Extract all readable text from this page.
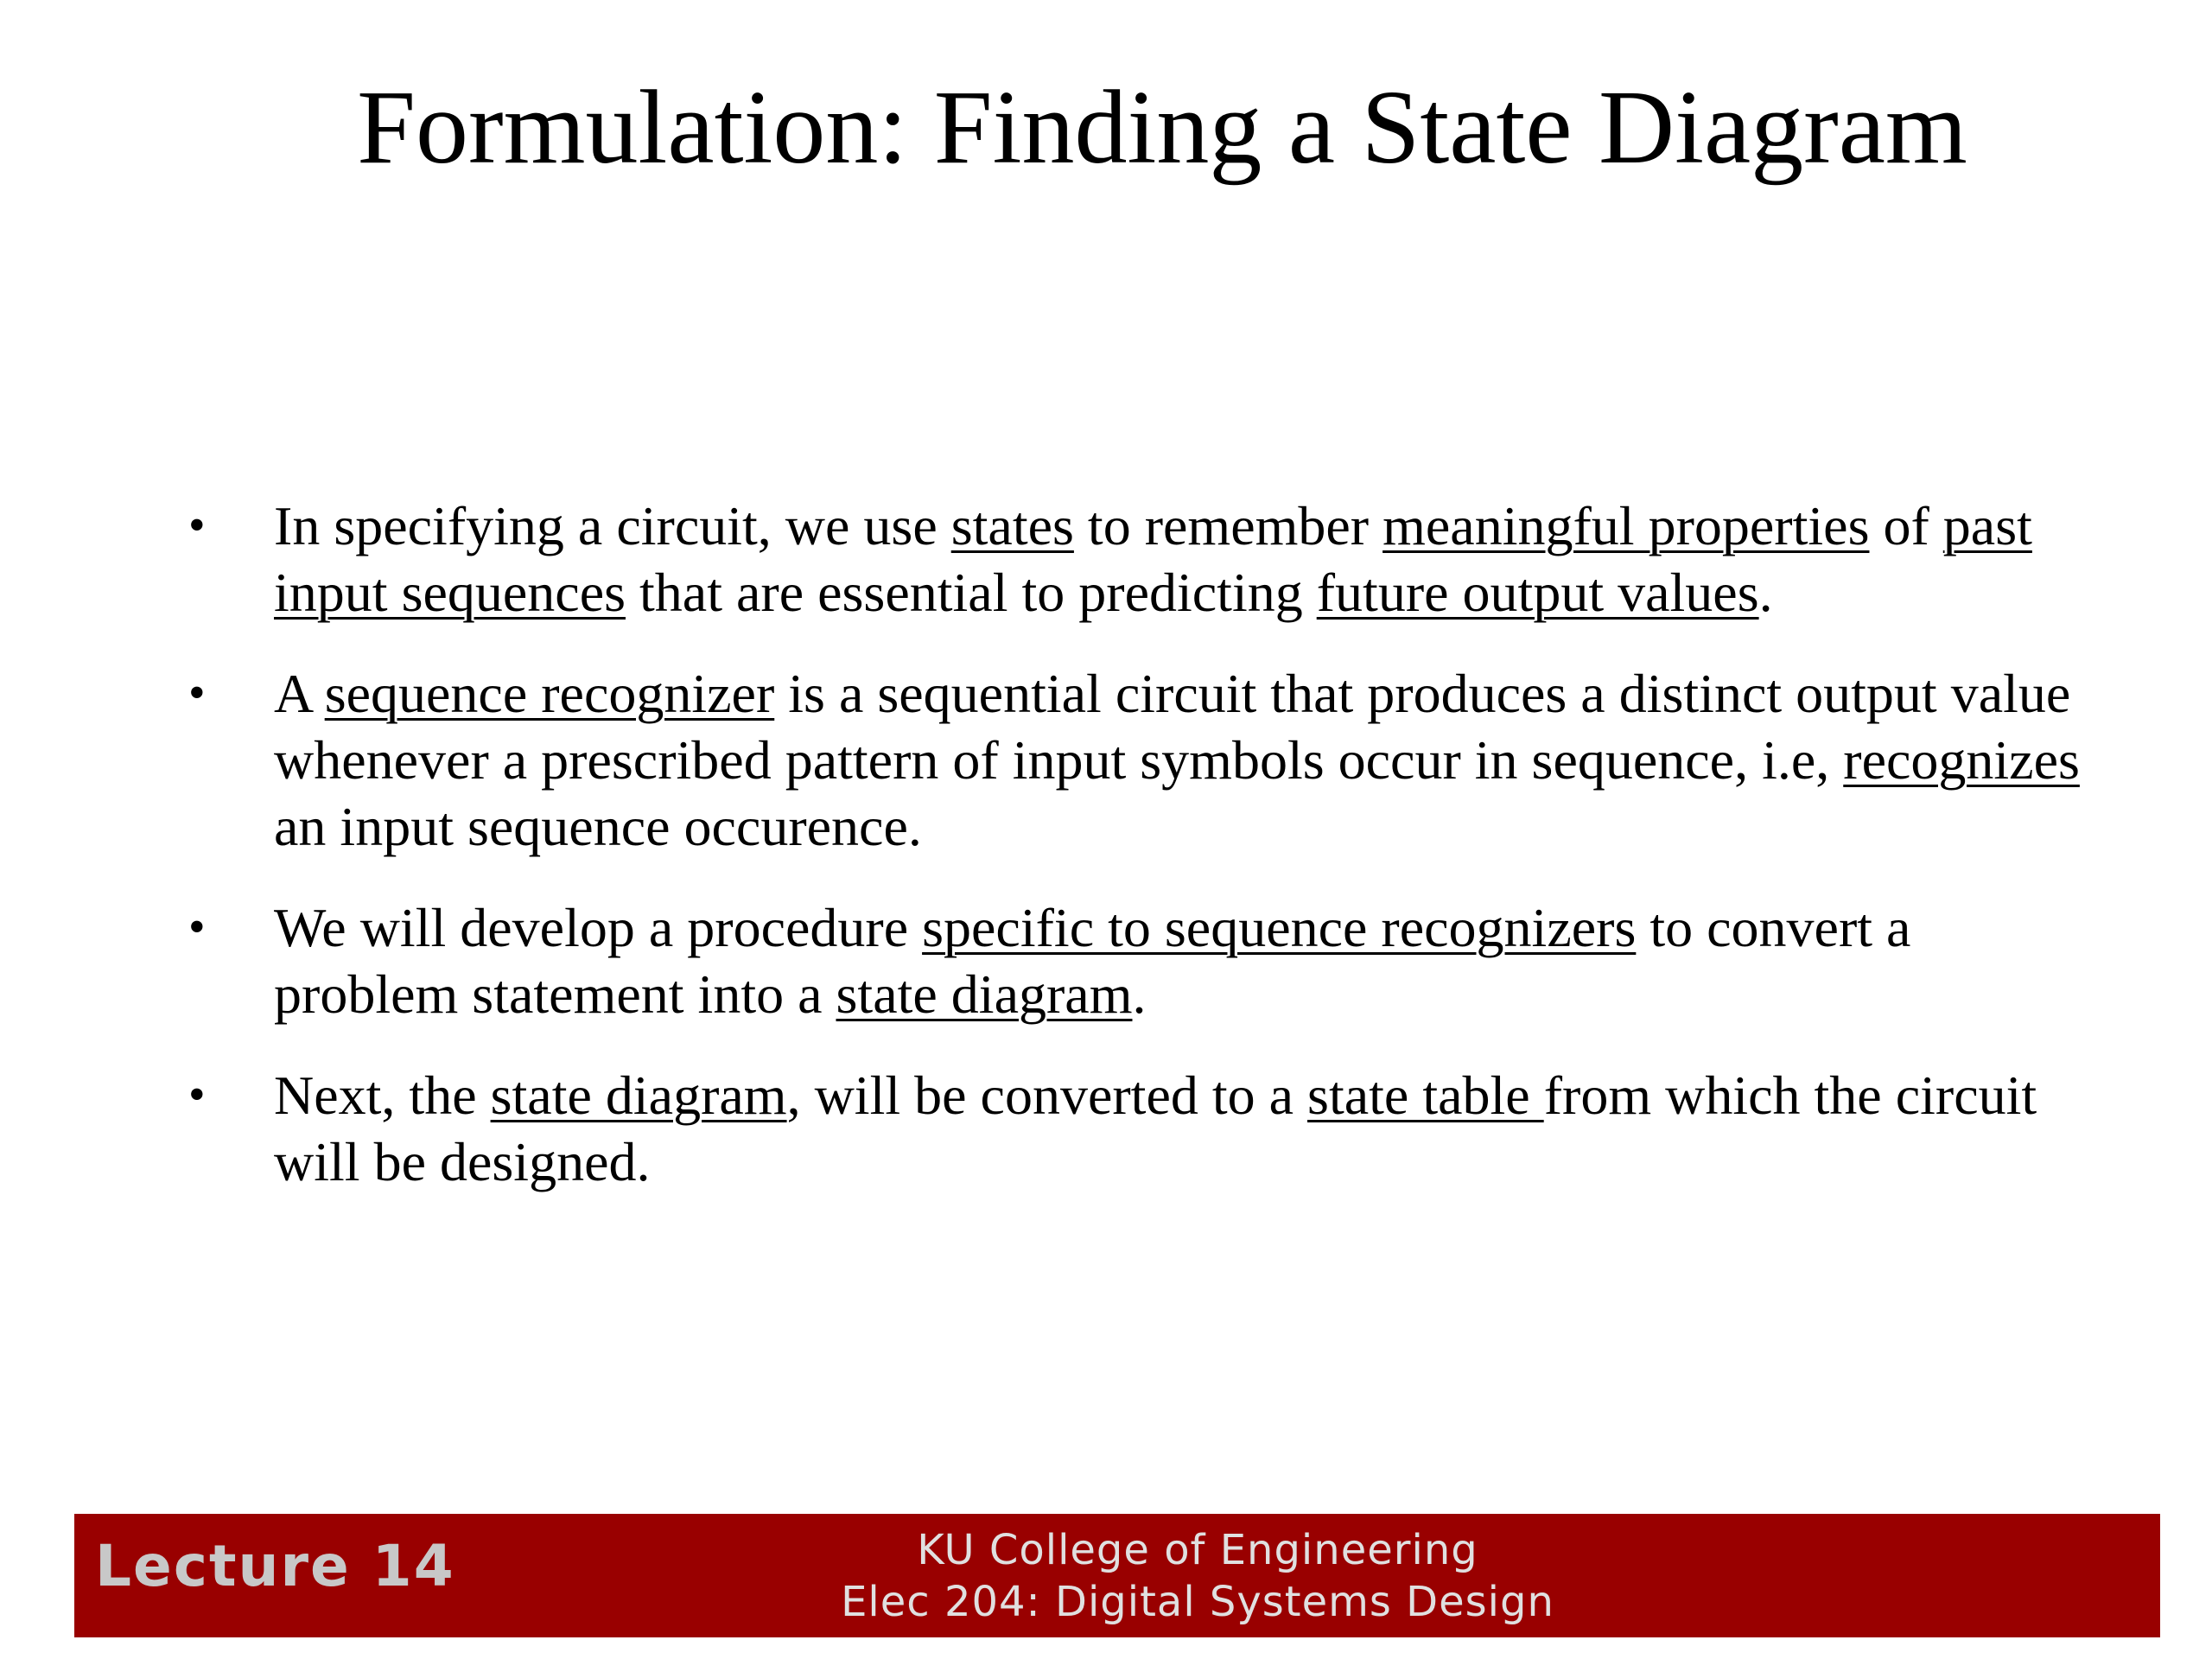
Formulation: Finding a State Diagram
• In specifying a circuit, we use states to remember meaningful properties of past input sequences that are essential to predicting future output values.
• A sequence recognizer is a sequential circuit that produces a distinct output value whenever a prescribed pattern of input symbols occur in sequence, i.e, recognizes an input sequence occurence.
• We will develop a procedure specific to sequence recognizers to convert a problem statement into a state diagram.
• Next, the state diagram, will be converted to a state table from which the circuit will be designed.
Lecture 14	KU College of Engineering
Elec 204: Digital Systems Design
